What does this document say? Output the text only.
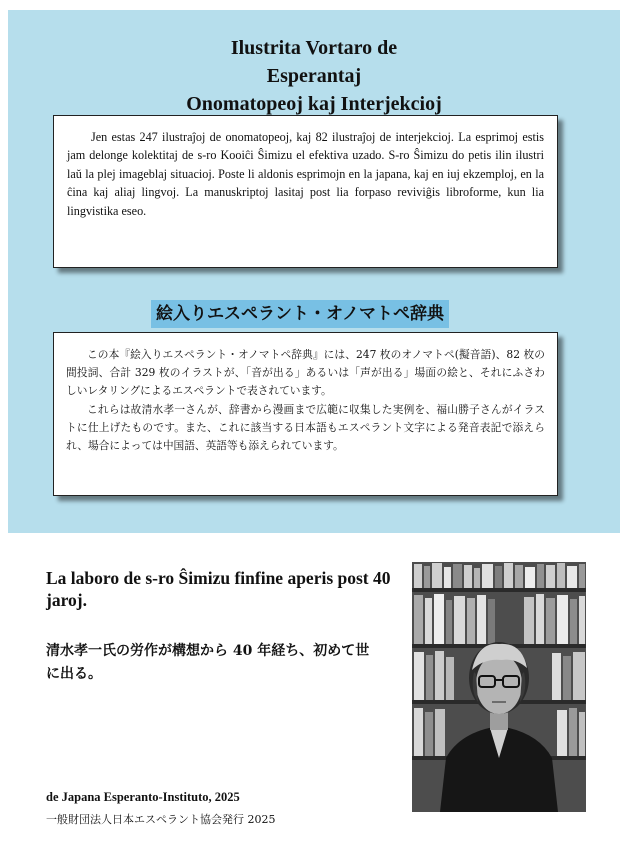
Ilustrita Vortaro de
Esperantaj
Onomatopeoj kaj Interjekcioj

Jen estas 247 ilustraĵoj de onomatopeoj, kaj 82 ilustraĵoj de interjekcioj. La esprimoj estis jam delonge kolektitaj de s-ro Kooiĉi Ŝimizu el efektiva uzado. S-ro Ŝimizu do petis ilin ilustri laŭ la plej imageblaj situacioj. Poste li aldonis esprimojn en la japana, kaj en iuj ekzemploj, en la ĉina kaj aliaj lingvoj. La manuskriptoj lasitaj post lia forpaso reviviĝis libroforme, kun lia lingvistika eseo.

絵入りエスペラント・オノマトペ辞典

この本『絵入りエスペラント・オノマトペ辞典』には、247 枚のオノマトペ(擬音語)、82 枚の間投詞、合計 329 枚のイラストが、「音が出る」あるいは「声が出る」場面の絵と、それにふさわしいレタリングによるエスペラントで表されています。

これらは故清水孝一さんが、辞書から漫画まで広範に収集した実例を、福山勝子さんがイラストに仕上げたものです。また、これに該当する日本語もエスペラント文字による発音表記で添えられ、場合によっては中国語、英語等も添えられています。

La laboro de s-ro Ŝimizu finfine aperis post 40 jaroj.
清水孝一氏の労作が構想から 40 年経ち、初めて世に出る。
de Japana Esperanto-Instituto, 2025
一般財団法人日本エスペラント協会発行 2025
